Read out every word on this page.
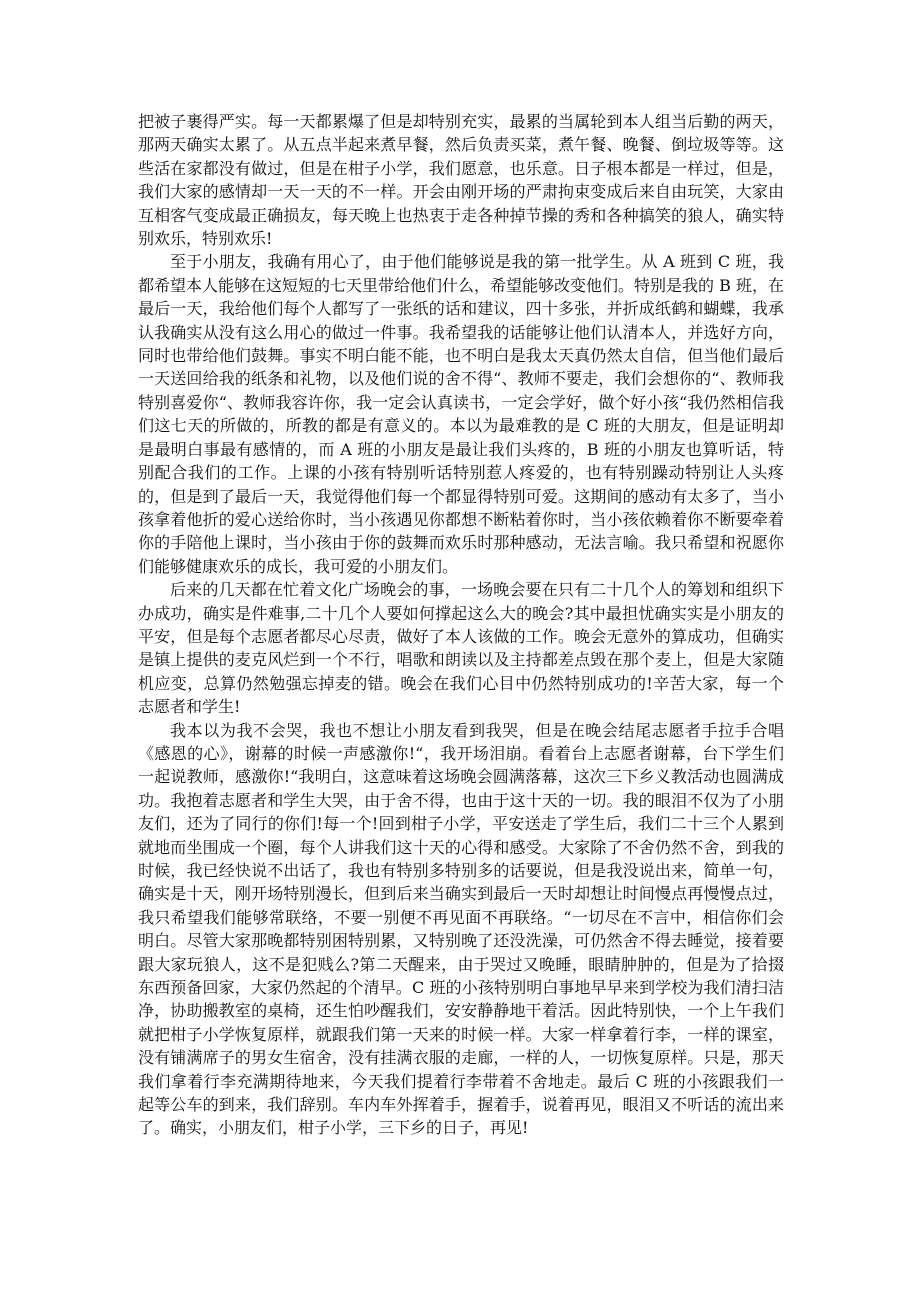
把被子裹得严实。每一天都累爆了但是却特别充实，最累的当属轮到本人组当后勤的两天，那两天确实太累了。从五点半起来煮早餐，然后负责买菜，煮午餐、晚餐、倒垃圾等等。这些活在家都没有做过，但是在柑子小学，我们愿意，也乐意。日子根本都是一样过，但是，我们大家的感情却一天一天的不一样。开会由刚开场的严肃拘束变成后来自由玩笑，大家由互相客气变成最正确损友，每天晚上也热衷于走各种掉节操的秀和各种搞笑的狼人，确实特别欢乐，特别欢乐!

至于小朋友，我确有用心了，由于他们能够说是我的第一批学生。从 A 班到 C 班，我都希望本人能够在这短短的七天里带给他们什么，希望能够改变他们。特别是我的 B 班，在最后一天，我给他们每个人都写了一张纸的话和建议，四十多张，并折成纸鹤和蝴蝶，我承认我确实从没有这么用心的做过一件事。我希望我的话能够让他们认清本人，并选好方向，同时也带给他们鼓舞。事实不明白能不能，也不明白是我太天真仍然太自信，但当他们最后一天送回给我的纸条和礼物，以及他们说的舍不得“、教师不要走，我们会想你的“、教师我特别喜爱你“、教师我容许你，我一定会认真读书，一定会学好，做个好小孩“我仍然相信我们这七天的所做的，所教的都是有意义的。本以为最难教的是 C 班的大朋友，但是证明却是最明白事最有感情的，而 A 班的小朋友是最让我们头疼的，B 班的小朋友也算听话，特别配合我们的工作。上课的小孩有特别听话特别惹人疼爱的，也有特别躁动特别让人头疼的，但是到了最后一天，我觉得他们每一个都显得特别可爱。这期间的感动有太多了，当小孩拿着他折的爱心送给你时，当小孩遇见你都想不断粘着你时，当小孩依赖着你不断要牵着你的手陪他上课时，当小孩由于你的鼓舞而欢乐时那种感动，无法言喻。我只希望和祝愿你们能够健康欢乐的成长，我可爱的小朋友们。

后来的几天都在忙着文化广场晚会的事，一场晚会要在只有二十几个人的筹划和组织下办成功，确实是件难事,二十几个人要如何撑起这么大的晚会?其中最担忧确实实是小朋友的平安，但是每个志愿者都尽心尽责，做好了本人该做的工作。晚会无意外的算成功，但确实是镇上提供的麦克风烂到一个不行，唱歌和朗读以及主持都差点毁在那个麦上，但是大家随机应变，总算仍然勉强忘掉麦的错。晚会在我们心目中仍然特别成功的!辛苦大家，每一个志愿者和学生!

我本以为我不会哭，我也不想让小朋友看到我哭，但是在晚会结尾志愿者手拉手合唱《感恩的心》，谢幕的时候一声感激你!“，我开场泪崩。看着台上志愿者谢幕，台下学生们一起说教师，感激你!“我明白，这意味着这场晚会圆满落幕，这次三下乡义教活动也圆满成功。我抱着志愿者和学生大哭，由于舍不得，也由于这十天的一切。我的眼泪不仅为了小朋友们，还为了同行的你们!每一个!回到柑子小学，平安送走了学生后，我们二十三个人累到就地而坐围成一个圈，每个人讲我们这十天的心得和感受。大家除了不舍仍然不舍，到我的时候，我已经快说不出话了，我也有特别多特别多的话要说，但是我没说出来，简单一句，确实是十天，刚开场特别漫长，但到后来当确实到最后一天时却想让时间慢点再慢慢点过，我只希望我们能够常联络，不要一别便不再见面不再联络。“一切尽在不言中，相信你们会明白。尽管大家那晚都特别困特别累，又特别晚了还没洗澡，可仍然舍不得去睡觉，接着要跟大家玩狼人，这不是犯贱么?第二天醒来，由于哭过又晚睡，眼睛肿肿的，但是为了拾掇东西预备回家，大家仍然起的个清早。C 班的小孩特别明白事地早早来到学校为我们清扫洁净，协助搬教室的桌椅，还生怕吵醒我们，安安静静地干着活。因此特别快，一个上午我们就把柑子小学恢复原样，就跟我们第一天来的时候一样。大家一样拿着行李，一样的课室，没有铺满席子的男女生宿舍，没有挂满衣服的走廊，一样的人，一切恢复原样。只是，那天我们拿着行李充满期待地来，今天我们提着行李带着不舍地走。最后 C 班的小孩跟我们一起等公车的到来，我们辞别。车内车外挥着手，握着手，说着再见，眼泪又不听话的流出来了。确实，小朋友们，柑子小学，三下乡的日子，再见!
